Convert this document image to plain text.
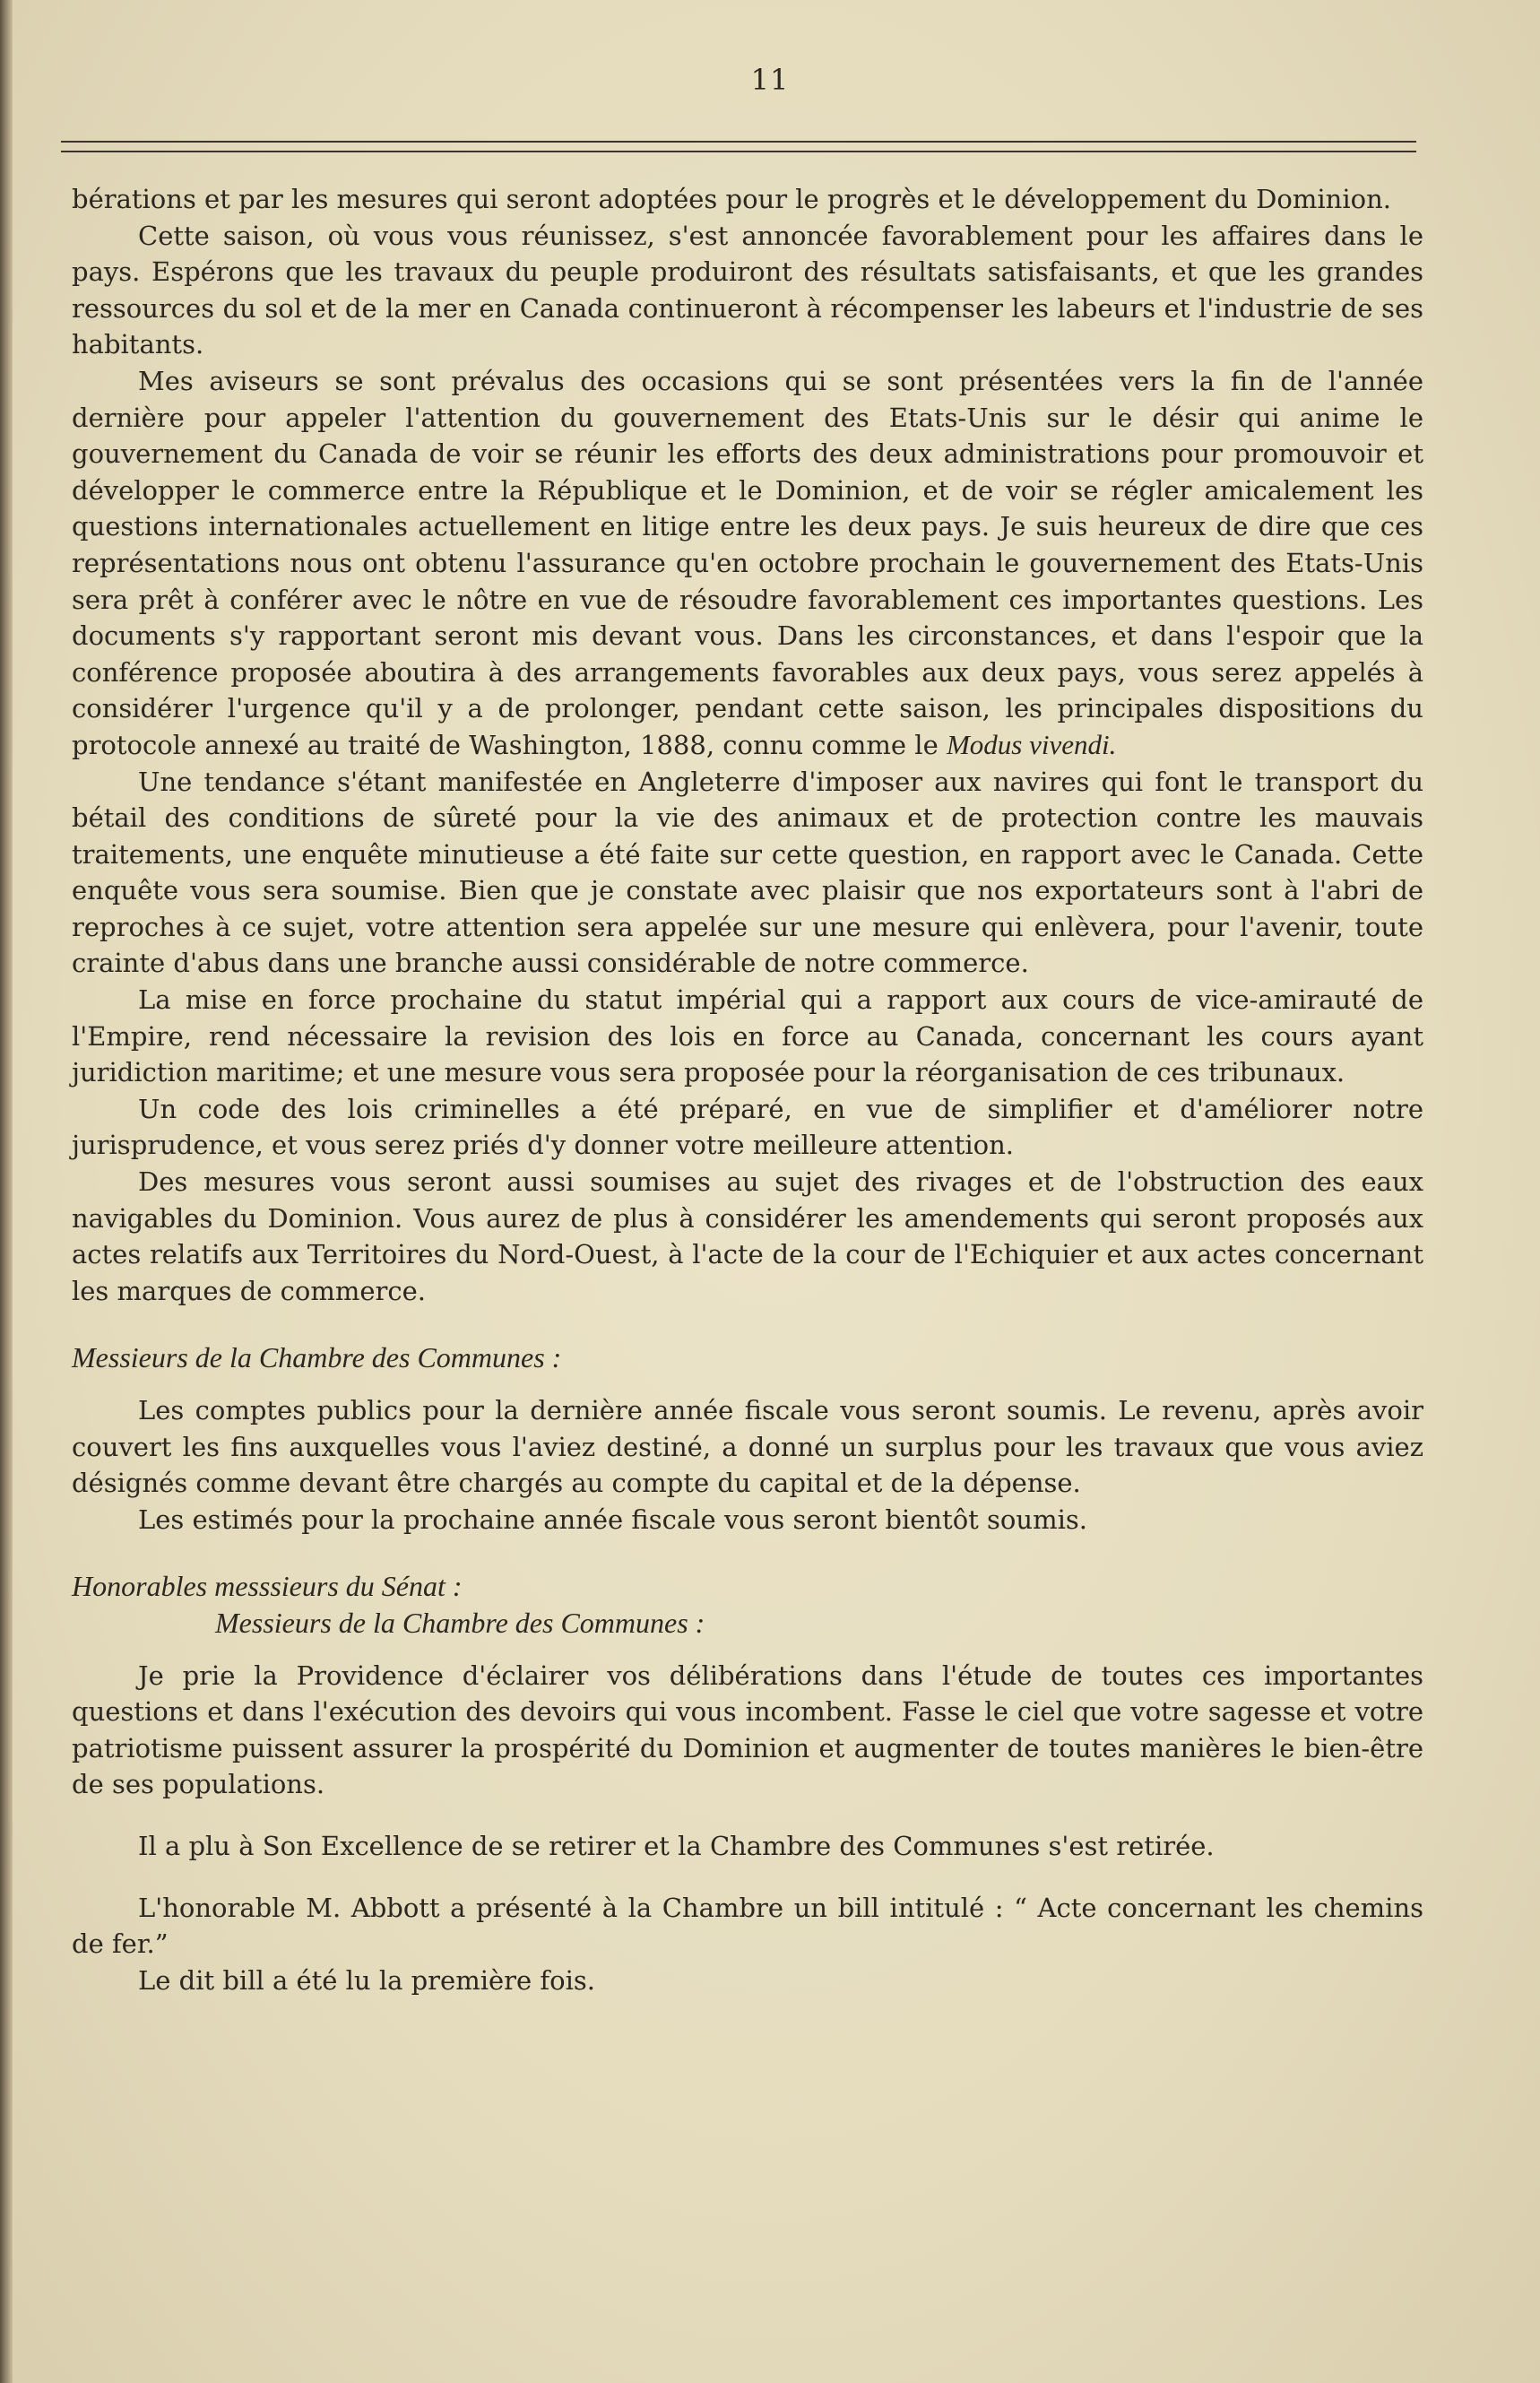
11

bérations et par les mesures qui seront adoptées pour le progrès et le développement du Dominion.

Cette saison, où vous vous réunissez, s'est annoncée favorablement pour les affaires dans le pays. Espérons que les travaux du peuple produiront des résultats satisfaisants, et que les grandes ressources du sol et de la mer en Canada continueront à récompenser les labeurs et l'industrie de ses habitants.

Mes aviseurs se sont prévalus des occasions qui se sont présentées vers la fin de l'année dernière pour appeler l'attention du gouvernement des Etats-Unis sur le désir qui anime le gouvernement du Canada de voir se réunir les efforts des deux administrations pour promouvoir et développer le commerce entre la République et le Dominion, et de voir se régler amicalement les questions internationales actuellement en litige entre les deux pays. Je suis heureux de dire que ces représentations nous ont obtenu l'assurance qu'en octobre prochain le gouvernement des Etats-Unis sera prêt à conférer avec le nôtre en vue de résoudre favorablement ces importantes questions. Les documents s'y rapportant seront mis devant vous. Dans les circonstances, et dans l'espoir que la conférence proposée aboutira à des arrangements favorables aux deux pays, vous serez appelés à considérer l'urgence qu'il y a de prolonger, pendant cette saison, les principales dispositions du protocole annexé au traité de Washington, 1888, connu comme le Modus vivendi.

Une tendance s'étant manifestée en Angleterre d'imposer aux navires qui font le transport du bétail des conditions de sûreté pour la vie des animaux et de protection contre les mauvais traitements, une enquête minutieuse a été faite sur cette question, en rapport avec le Canada. Cette enquête vous sera soumise. Bien que je constate avec plaisir que nos exportateurs sont à l'abri de reproches à ce sujet, votre attention sera appelée sur une mesure qui enlèvera, pour l'avenir, toute crainte d'abus dans une branche aussi considérable de notre commerce.

La mise en force prochaine du statut impérial qui a rapport aux cours de vice-amirauté de l'Empire, rend nécessaire la revision des lois en force au Canada, concernant les cours ayant juridiction maritime; et une mesure vous sera proposée pour la réorganisation de ces tribunaux.

Un code des lois criminelles a été préparé, en vue de simplifier et d'améliorer notre jurisprudence, et vous serez priés d'y donner votre meilleure attention.

Des mesures vous seront aussi soumises au sujet des rivages et de l'obstruction des eaux navigables du Dominion. Vous aurez de plus à considérer les amendements qui seront proposés aux actes relatifs aux Territoires du Nord-Ouest, à l'acte de la cour de l'Echiquier et aux actes concernant les marques de commerce.

Messieurs de la Chambre des Communes :

Les comptes publics pour la dernière année fiscale vous seront soumis. Le revenu, après avoir couvert les fins auxquelles vous l'aviez destiné, a donné un surplus pour les travaux que vous aviez désignés comme devant être chargés au compte du capital et de la dépense.

Les estimés pour la prochaine année fiscale vous seront bientôt soumis.

Honorables messsieurs du Sénat :
Messieurs de la Chambre des Communes :

Je prie la Providence d'éclairer vos délibérations dans l'étude de toutes ces importantes questions et dans l'exécution des devoirs qui vous incombent. Fasse le ciel que votre sagesse et votre patriotisme puissent assurer la prospérité du Dominion et augmenter de toutes manières le bien-être de ses populations.

Il a plu à Son Excellence de se retirer et la Chambre des Communes s'est retirée.

L'honorable M. Abbott a présenté à la Chambre un bill intitulé : “ Acte concernant les chemins de fer.”

Le dit bill a été lu la première fois.
